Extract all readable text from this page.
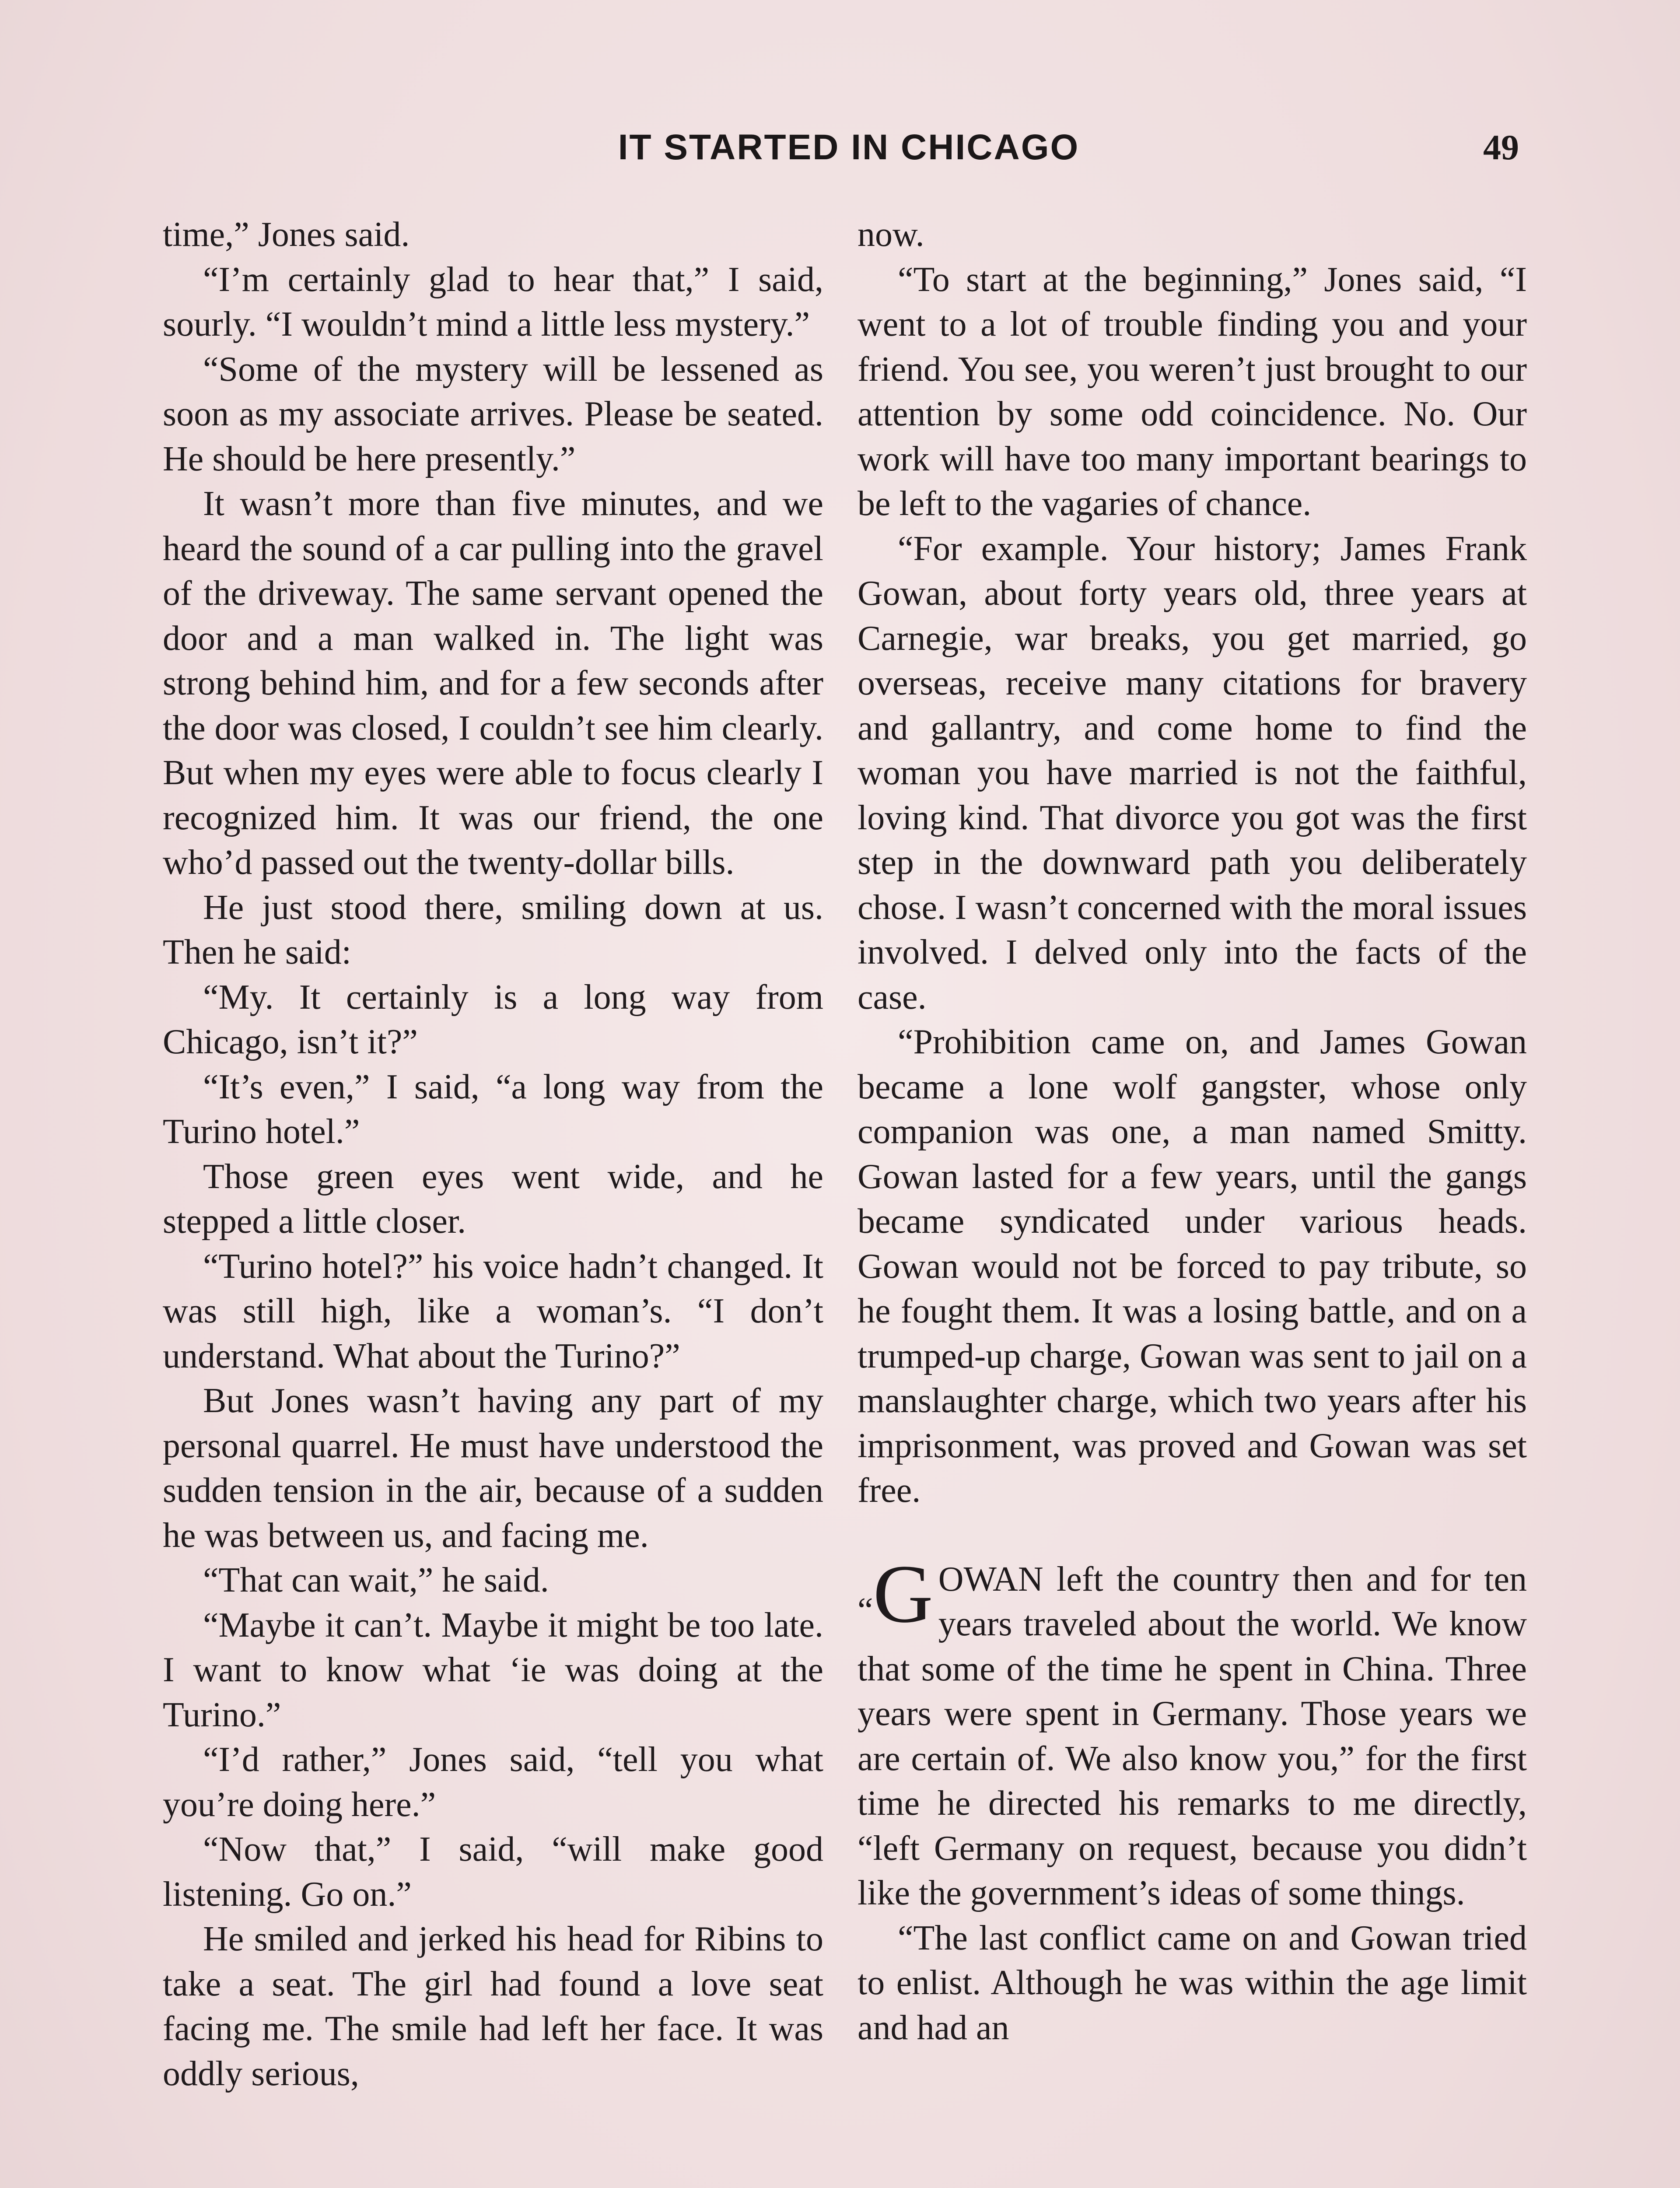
IT STARTED IN CHICAGO	49

time,” Jones said.

“I’m certainly glad to hear that,” I said, sourly. “I wouldn’t mind a little less mystery.”

“Some of the mystery will be lessened as soon as my associate arrives. Please be seated. He should be here presently.”

It wasn’t more than five minutes, and we heard the sound of a car pulling into the gravel of the driveway. The same servant opened the door and a man walked in. The light was strong behind him, and for a few seconds after the door was closed, I couldn’t see him clearly. But when my eyes were able to focus clearly I recognized him. It was our friend, the one who’d passed out the twenty-dollar bills.

He just stood there, smiling down at us. Then he said:

“My. It certainly is a long way from Chicago, isn’t it?”

“It’s even,” I said, “a long way from the Turino hotel.”

Those green eyes went wide, and he stepped a little closer.

“Turino hotel?” his voice hadn’t changed. It was still high, like a woman’s. “I don’t understand. What about the Turino?”

But Jones wasn’t having any part of my personal quarrel. He must have understood the sudden tension in the air, because of a sudden he was between us, and facing me.

“That can wait,” he said.

“Maybe it can’t. Maybe it might be too late. I want to know what ‘ie was doing at the Turino.”

“I’d rather,” Jones said, “tell you what you’re doing here.”

“Now that,” I said, “will make good listening. Go on.”

He smiled and jerked his head for Ribins to take a seat. The girl had found a love seat facing me. The smile had left her face. It was oddly serious,

now.

“To start at the beginning,” Jones said, “I went to a lot of trouble finding you and your friend. You see, you weren’t just brought to our attention by some odd coincidence. No. Our work will have too many important bearings to be left to the vagaries of chance.

“For example. Your history; James Frank Gowan, about forty years old, three years at Carnegie, war breaks, you get married, go overseas, receive many citations for bravery and gallantry, and come home to find the woman you have married is not the faithful, loving kind. That divorce you got was the first step in the downward path you deliberately chose. I wasn’t concerned with the moral issues involved. I delved only into the facts of the case.

“Prohibition came on, and James Gowan became a lone wolf gangster, whose only companion was one, a man named Smitty. Gowan lasted for a few years, until the gangs became syndicated under various heads. Gowan would not be forced to pay tribute, so he fought them. It was a losing battle, and on a trumped-up charge, Gowan was sent to jail on a manslaughter charge, which two years after his imprisonment, was proved and Gowan was set free.

“G OWAN left the country then and for ten years traveled about the world. We know that some of the time he spent in China. Three years were spent in Germany. Those years we are certain of. We also know you,” for the first time he directed his remarks to me directly, “left Germany on request, because you didn’t like the government’s ideas of some things.

“The last conflict came on and Gowan tried to enlist. Although he was within the age limit and had an
